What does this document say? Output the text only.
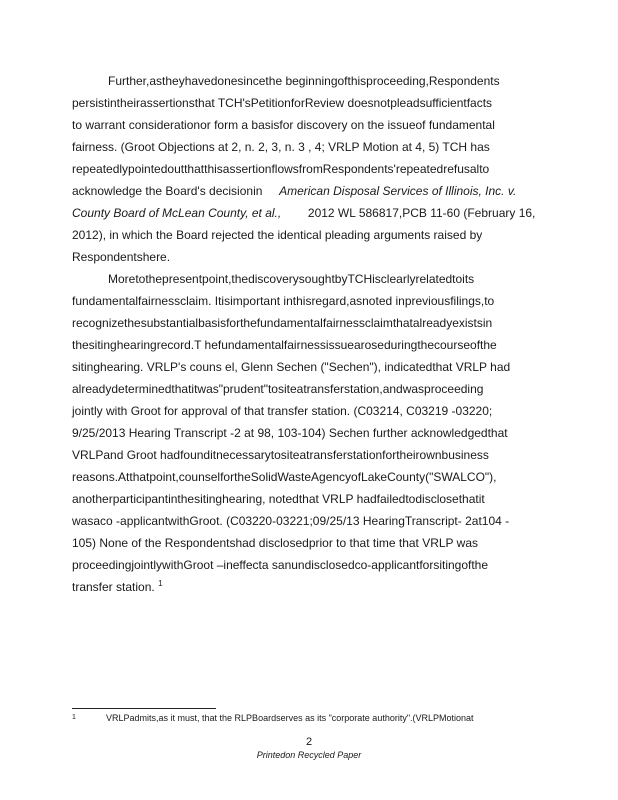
Further,astheyhavedonesincethe beginningofthisproceeding,Respondents
persistintheirassertionsthat TCH'sPetitionforReview doesnotpleadsufficientfacts
to warrant considerationor form a basisfor discovery on the issueof fundamental
fairness. (Groot Objections at 2, n. 2, 3, n. 3 , 4; VRLP Motion at 4, 5) TCH has
repeatedlypointedoutthatthisassertionflowsfromRespondents'repeatedrefusalto
acknowledge the Board's decisionin American Disposal Services of Illinois, Inc. v.
County Board of McLean County, et al.,        2012 WL 586817,PCB 11-60 (February 16,
2012), in which the Board rejected the identical pleading arguments raised by
Respondentshere.

Moretothepresentpoint,thediscoverysoughtbyTCHisclearlyrelatedtoits
fundamentalfairnessclaim. Itisimportant inthisregard,asnoted inpreviousfilings,to
recognizethesubstantialbasisforthefundamentalfairnessclaimthatalreadyexistsin
thesitinghearingrecord.T hefundamentalfairnessissuearoseduringthecourseofthe
sitinghearing. VRLP's couns el, Glenn Sechen ("Sechen"), indicatedthat VRLP had
alreadydeterminedthatitwas"prudent"tositeatransferstation,andwasproceeding
jointly with Groot for approval of that transfer station. (C03214, C03219 -03220;
9/25/2013 Hearing Transcript -2 at 98, 103-104) Sechen further acknowledgedthat
VRLPand Groot hadfounditnecessarytositeatransferstationfortheirownbusiness
reasons.Atthatpoint,counselfortheSolidWasteAgencyofLakeCounty("SWALCO"),
anotherparticipantinthesitinghearing, notedthat VRLP hadfailedtodisclosethatit
wasaco -applicantwithGroot. (C03220-03221;09/25/13 HearingTranscript- 2at104 -
105) None of the Respondentshad disclosedprior to that time that VRLP was
proceedingjointlywithGroot –ineffecta sanundisclosedco-applicantforsitingofthe
transfer station. $^1$

1	VRLPadmits,as it must, that the RLPBoardserves as its "corporate authority".(VRLPMotionat
2
Printedon Recycled Paper
